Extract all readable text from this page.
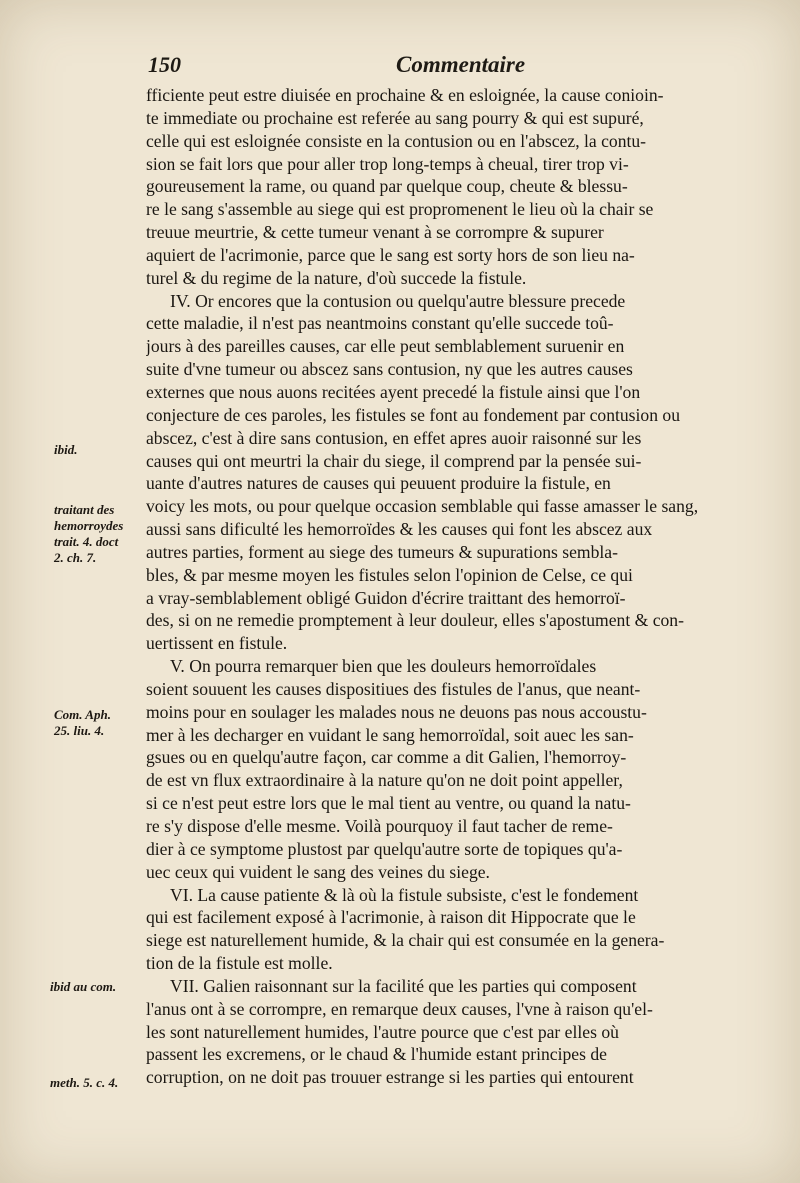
150	Commentaire
ibid.
traitant des
hemorroydes
trait. 4. doct
2. ch. 7.
Com. Aph.
25. liu. 4.
ibid au com.
meth. 5. c. 4.
fficiente peut estre diuisée en prochaine & en esloignée, la cause conioin-
te immediate ou prochaine est referée au sang pourry & qui est supuré,
celle qui est esloignée consiste en la contusion ou en l'abscez, la contu-
sion se fait lors que pour aller trop long-temps à cheual, tirer trop vi-
goureusement la rame, ou quand par quelque coup, cheute & blessu-
re le sang s'assemble au siege qui est propromenent le lieu où la chair se
treuue meurtrie, & cette tumeur venant à se corrompre & supurer
aquiert de l'acrimonie, parce que le sang est sorty hors de son lieu na-
turel & du regime de la nature, d'où succede la fistule.
IV. Or encores que la contusion ou quelqu'autre blessure precede
cette maladie, il n'est pas neantmoins constant qu'elle succede toû-
jours à des pareilles causes, car elle peut semblablement suruenir en
suite d'vne tumeur ou abscez sans contusion, ny que les autres causes
externes que nous auons recitées ayent precedé la fistule ainsi que l'on
conjecture de ces paroles, les fistules se font au fondement par contusion ou
abscez, c'est à dire sans contusion, en effet apres auoir raisonné sur les
causes qui ont meurtri la chair du siege, il comprend par la pensée sui-
uante d'autres natures de causes qui peuuent produire la fistule, en
voicy les mots, ou pour quelque occasion semblable qui fasse amasser le sang,
aussi sans dificulté les hemorroïdes & les causes qui font les abscez aux
autres parties, forment au siege des tumeurs & supurations sembla-
bles, & par mesme moyen les fistules selon l'opinion de Celse, ce qui
a vray-semblablement obligé Guidon d'écrire traittant des hemorroï-
des, si on ne remedie promptement à leur douleur, elles s'apostument & con-
uertissent en fistule.
V. On pourra remarquer bien que les douleurs hemorroïdales
soient souuent les causes dispositiues des fistules de l'anus, que neant-
moins pour en soulager les malades nous ne deuons pas nous accoustu-
mer à les decharger en vuidant le sang hemorroïdal, soit auec les san-
gsues ou en quelqu'autre façon, car comme a dit Galien, l'hemorroy-
de est vn flux extraordinaire à la nature qu'on ne doit point appeller,
si ce n'est peut estre lors que le mal tient au ventre, ou quand la natu-
re s'y dispose d'elle mesme. Voilà pourquoy il faut tacher de reme-
dier à ce symptome plustost par quelqu'autre sorte de topiques qu'a-
uec ceux qui vuident le sang des veines du siege.
VI. La cause patiente & là où la fistule subsiste, c'est le fondement
qui est facilement exposé à l'acrimonie, à raison dit Hippocrate que le
siege est naturellement humide, & la chair qui est consumée en la genera-
tion de la fistule est molle.
VII. Galien raisonnant sur la facilité que les parties qui composent
l'anus ont à se corrompre, en remarque deux causes, l'vne à raison qu'el-
les sont naturellement humides, l'autre pource que c'est par elles où
passent les excremens, or le chaud & l'humide estant principes de
corruption, on ne doit pas trouuer estrange si les parties qui entourent
